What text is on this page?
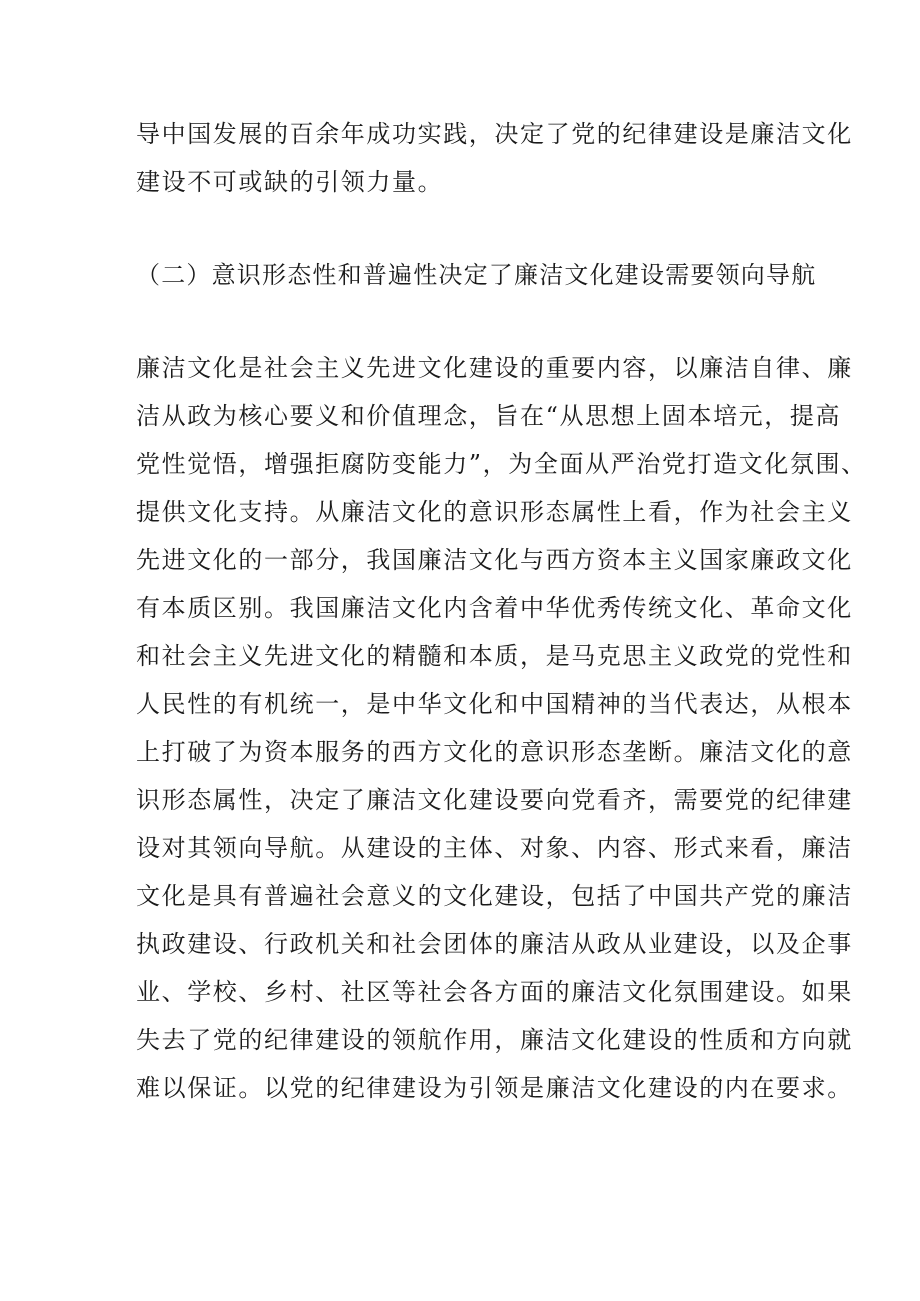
导中国发展的百余年成功实践，决定了党的纪律建设是廉洁文化
建设不可或缺的引领力量。
（二）意识形态性和普遍性决定了廉洁文化建设需要领向导航
廉洁文化是社会主义先进文化建设的重要内容，以廉洁自律、廉
洁从政为核心要义和价值理念，旨在“从思想上固本培元，提高
党性觉悟，增强拒腐防变能力”，为全面从严治党打造文化氛围、
提供文化支持。从廉洁文化的意识形态属性上看，作为社会主义
先进文化的一部分，我国廉洁文化与西方资本主义国家廉政文化
有本质区别。我国廉洁文化内含着中华优秀传统文化、革命文化
和社会主义先进文化的精髓和本质，是马克思主义政党的党性和
人民性的有机统一，是中华文化和中国精神的当代表达，从根本
上打破了为资本服务的西方文化的意识形态垄断。廉洁文化的意
识形态属性，决定了廉洁文化建设要向党看齐，需要党的纪律建
设对其领向导航。从建设的主体、对象、内容、形式来看，廉洁
文化是具有普遍社会意义的文化建设，包括了中国共产党的廉洁
执政建设、行政机关和社会团体的廉洁从政从业建设，以及企事
业、学校、乡村、社区等社会各方面的廉洁文化氛围建设。如果
失去了党的纪律建设的领航作用，廉洁文化建设的性质和方向就
难以保证。以党的纪律建设为引领是廉洁文化建设的内在要求。
